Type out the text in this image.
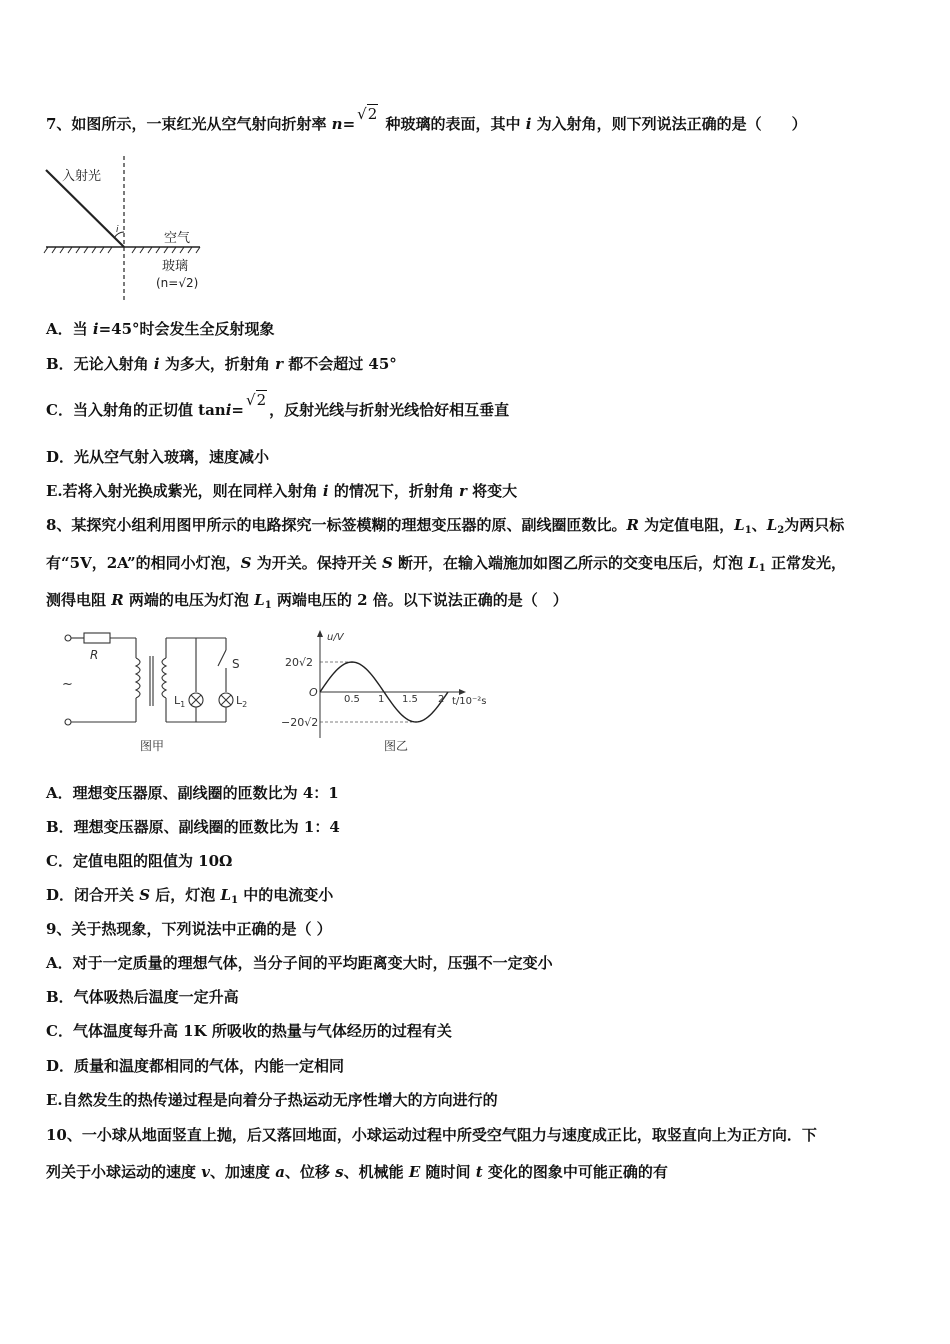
7、如图所示，一束红光从空气射向折射率 n=√2 种玻璃的表面，其中 i 为入射角，则下列说法正确的是（　　）
入射光
i
空气
玻璃
(n=√2)
A．当 i=45°时会发生全反射现象
B．无论入射角 i 为多大，折射角 r 都不会超过 45°
C．当入射角的正切值 tani=√2，反射光线与折射光线恰好相互垂直
D．光从空气射入玻璃，速度减小
E.若将入射光换成紫光，则在同样入射角 i 的情况下，折射角 r 将变大
8、某探究小组利用图甲所示的电路探究一标签模糊的理想变压器的原、副线圈匝数比。R 为定值电阻，$L_1$、$L_2$为两只标
有“5V，2A”的相同小灯泡，S 为开关。保持开关 S 断开，在输入端施加如图乙所示的交变电压后，灯泡 $L_1$ 正常发光，
测得电阻 R 两端的电压为灯泡 $L_1$ 两端电压的 2 倍。以下说法正确的是（　）
R
~
S
$L_1$	$L_2$
图甲
u/V
20√2
−20√2
O
0.5 1 1.5 2 t/10⁻²s
图乙
A．理想变压器原、副线圈的匝数比为 4：1
B．理想变压器原、副线圈的匝数比为 1：4
C．定值电阻的阻值为 10Ω
D．闭合开关 S 后，灯泡 $L_1$ 中的电流变小
9、关于热现象，下列说法中正确的是（ ）
A．对于一定质量的理想气体，当分子间的平均距离变大时，压强不一定变小
B．气体吸热后温度一定升高
C．气体温度每升高 1K 所吸收的热量与气体经历的过程有关
D．质量和温度都相同的气体，内能一定相同
E.自然发生的热传递过程是向着分子热运动无序性增大的方向进行的
10、一小球从地面竖直上抛，后又落回地面，小球运动过程中所受空气阻力与速度成正比，取竖直向上为正方向．下
列关于小球运动的速度 v、加速度 a、位移 s、机械能 E 随时间 t 变化的图象中可能正确的有
